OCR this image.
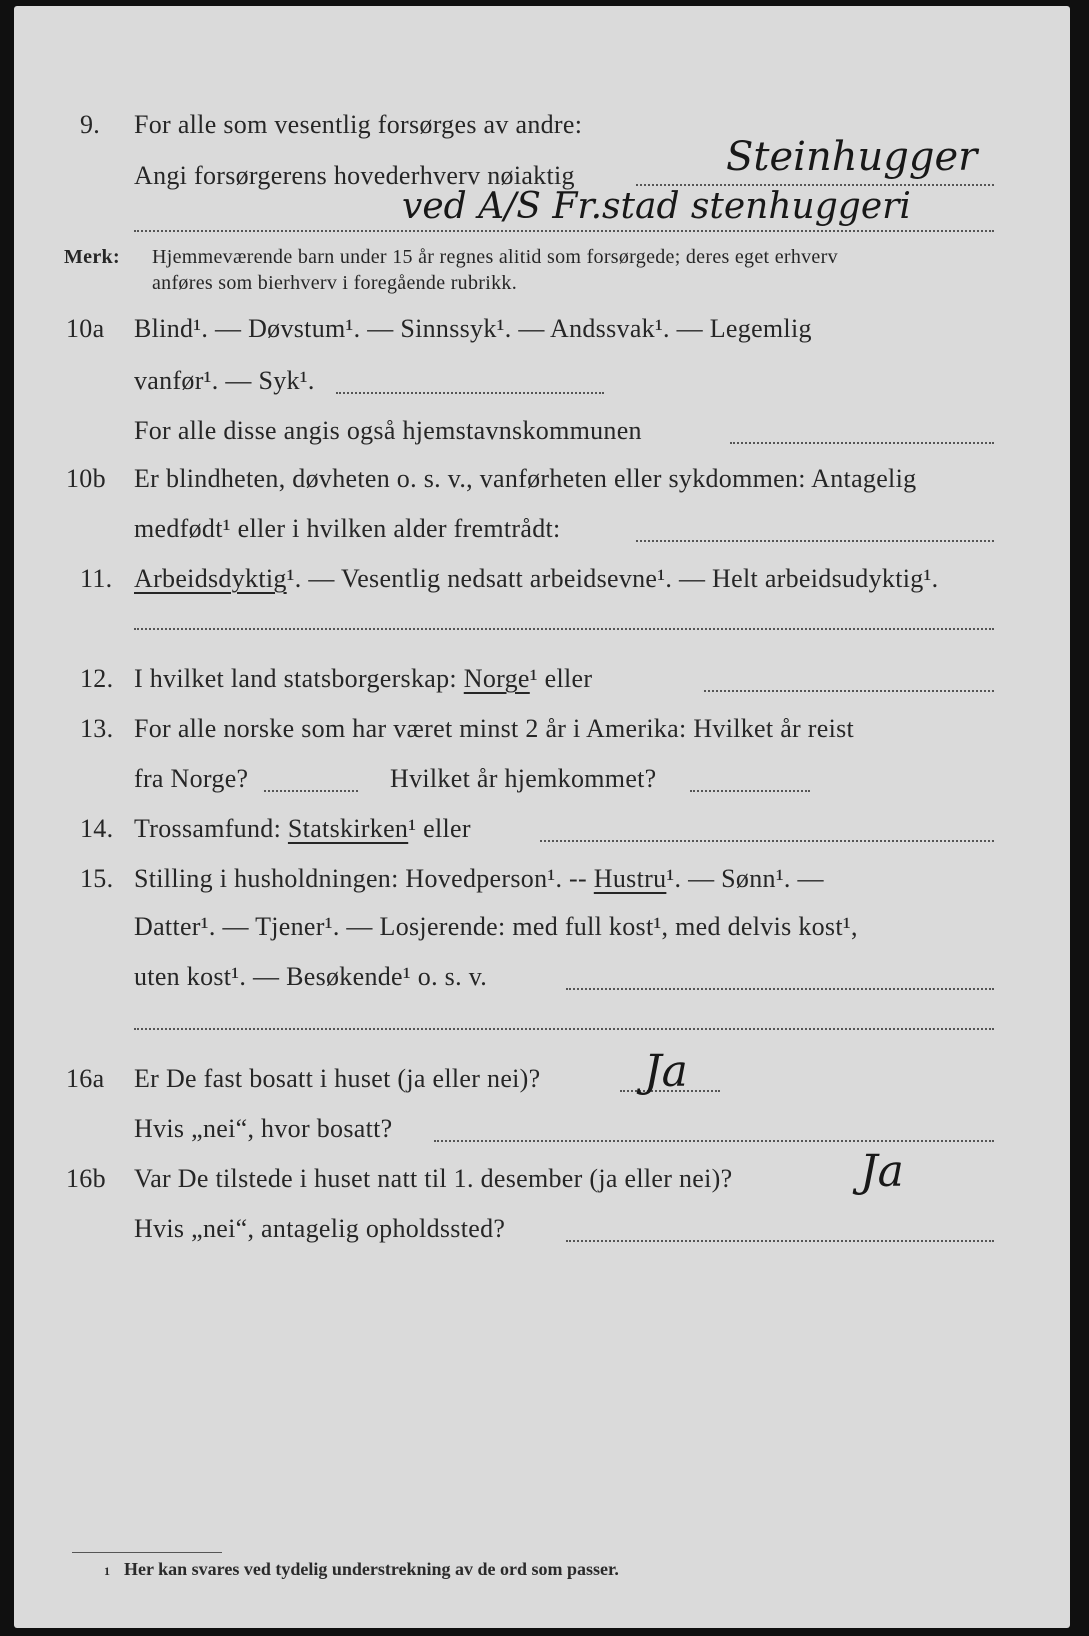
9. For alle som vesentlig forsørges av andre:
Angi forsørgerens hovederhverv nøiaktig	Steinhugger
ved A/S Fr.stad stenhuggeri
Merk: Hjemmeværende barn under 15 år regnes alitid som forsørgede; deres eget erhverv
anføres som bierhverv i foregående rubrikk.
10a Blind¹. — Døvstum¹. — Sinnssyk¹. — Andssvak¹. — Legemlig
vanfør¹. — Syk¹.
For alle disse angis også hjemstavnskommunen
10b Er blindheten, døvheten o. s. v., vanførheten eller sykdommen: Antagelig
medfødt¹ eller i hvilken alder fremtrådt:
11. Arbeidsdyktig¹. — Vesentlig nedsatt arbeidsevne¹. — Helt arbeidsudyktig¹.
12. I hvilket land statsborgerskap: Norge¹ eller
13. For alle norske som har været minst 2 år i Amerika: Hvilket år reist
fra Norge?	Hvilket år hjemkommet?
14. Trossamfund: Statskirken¹ eller
15. Stilling i husholdningen: Hovedperson¹. -- Hustru¹. — Sønn¹. —
Datter¹. — Tjener¹. — Losjerende: med full kost¹, med delvis kost¹,
uten kost¹. — Besøkende¹ o. s. v.
16a Er De fast bosatt i huset (ja eller nei)? Ja
Hvis „nei“, hvor bosatt?
16b Var De tilstede i huset natt til 1. desember (ja eller nei)?	Ja
Hvis „nei“, antagelig opholdssted?
1 Her kan svares ved tydelig understrekning av de ord som passer.
